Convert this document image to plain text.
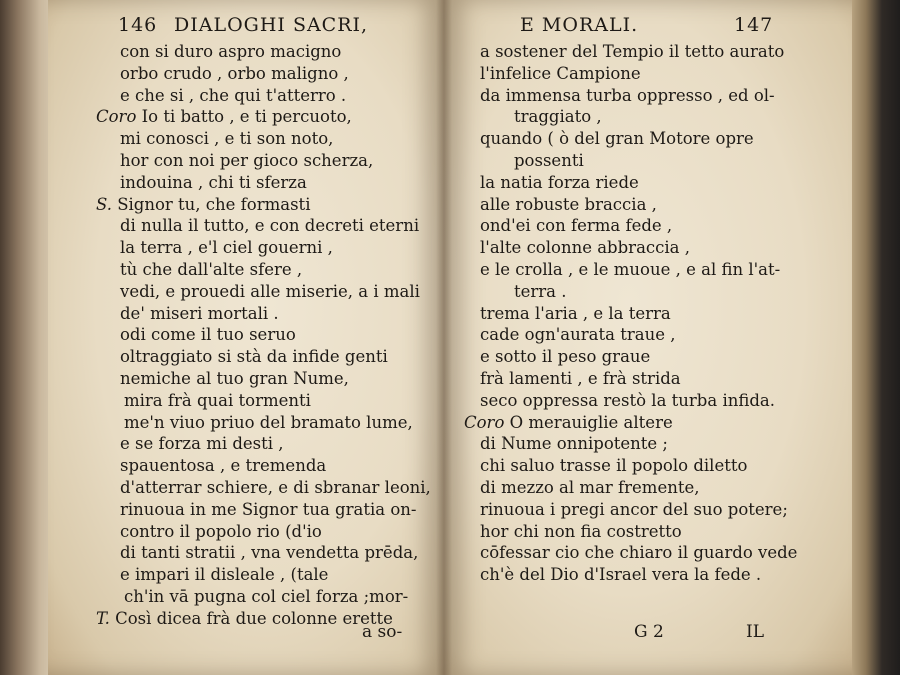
146 DIALOGHI SACRI,
con si duro aspro macigno
orbo crudo , orbo maligno ,
e che si , che qui t'atterro .
Coro Io ti batto , e ti percuoto,
mi conosci , e ti son noto,
hor con noi per gioco scherza,
indouina , chi ti sferza
S. Signor tu, che formasti
di nulla il tutto, e con decreti eterni
la terra , e'l ciel gouerni ,
tù che dall'alte sfere ,
vedi, e prouedi alle miserie, a i mali
de' miseri mortali .
odi come il tuo seruo
oltraggiato si stà da infide genti
nemiche al tuo gran Nume,
mira frà quai tormenti
me'n viuo priuo del bramato lume,
e se forza mi desti ,
spauentosa , e tremenda
d'atterrar schiere, e di sbranar leoni,
rinuoua in me Signor tua gratia on-
contro il popolo rio (d'io
di tanti stratii , vna vendetta prēda,
e impari il disleale , (tale
ch'in vā pugna col ciel forza ;mor-
T. Così dicea frà due colonne erette
a so-
E MORALI.	147
a sostener del Tempio il tetto aurato
l'infelice Campione
da immensa turba oppresso , ed ol-
traggiato ,
quando ( ò del gran Motore opre
possenti
la natia forza riede
alle robuste braccia ,
ond'ei con ferma fede ,
l'alte colonne abbraccia ,
e le crolla , e le muoue , e al fin l'at-
terra .
trema l'aria , e la terra
cade ogn'aurata traue ,
e sotto il peso graue
frà lamenti , e frà strida
seco oppressa restò la turba infida.
Coro O merauiglie altere
di Nume onnipotente ;
chi saluo trasse il popolo diletto
di mezzo al mar fremente,
rinuoua i pregi ancor del suo potere;
hor chi non fia costretto
cōfessar cio che chiaro il guardo vede
ch'è del Dio d'Israel vera la fede .
G 2	IL
